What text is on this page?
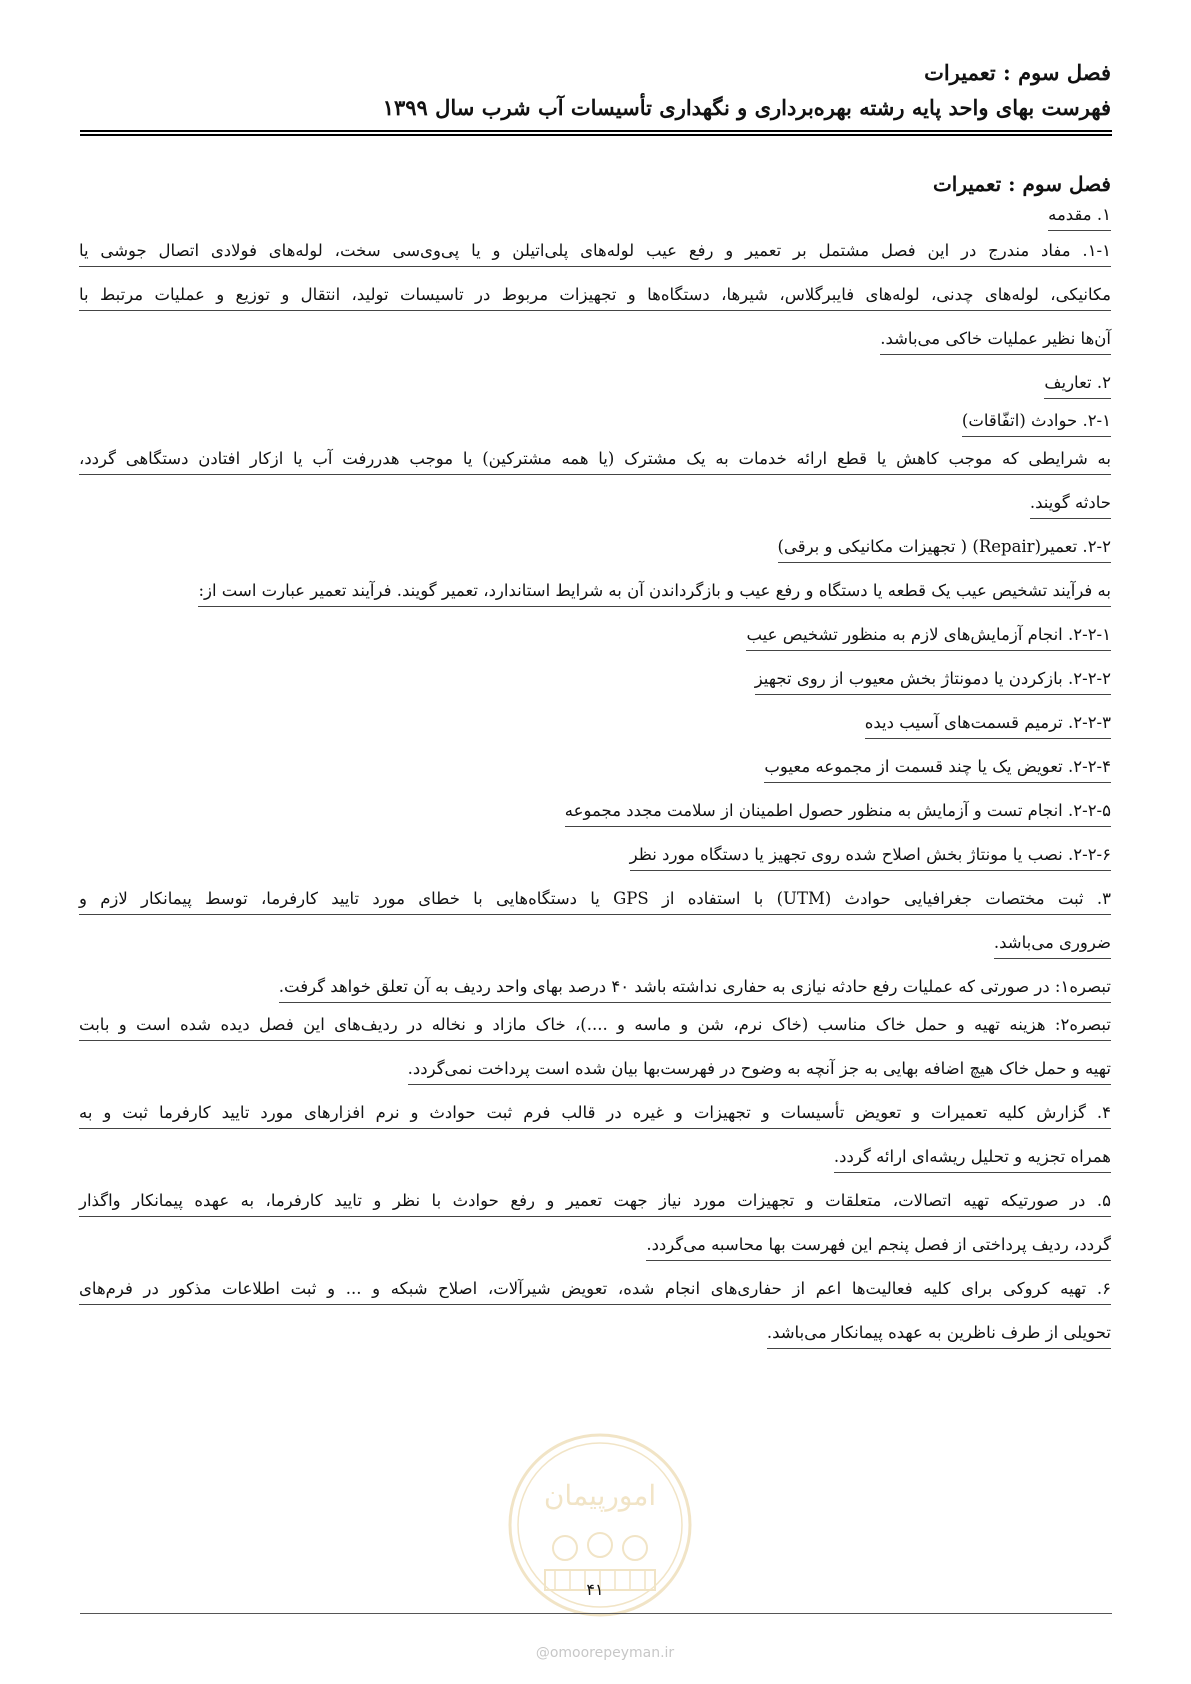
فصل سوم : تعمیرات
فهرست بهای واحد پایه رشته بهره‌برداری و نگهداری تأسیسات آب شرب سال ۱۳۹۹
فصل سوم : تعمیرات
۱. مقدمه
۱-۱. مفاد مندرج در این فصل مشتمل بر تعمیر و رفع عیب لوله‌های پلی‌اتیلن و یا پی‌وی‌سی سخت، لوله‌های فولادی اتصال جوشی یا
مکانیکی، لوله‌های چدنی، لوله‌های فایبرگلاس، شیرها، دستگاه‌ها و تجهیزات مربوط در تاسیسات تولید، انتقال و توزیع و عملیات مرتبط با
آن‌ها نظیر عملیات خاکی می‌باشد.
۲. تعاریف
۲-۱. حوادث (اتفّاقات)
به شرایطی که موجب کاهش یا قطع ارائه خدمات به یک مشترک (یا همه مشترکین) یا موجب هدررفت آب یا ازکار افتادن دستگاهی گردد،
حادثه گویند.
۲-۲. تعمیر(Repair) ( تجهیزات مکانیکی و برقی)
به فرآیند تشخیص عیب یک قطعه یا دستگاه و رفع عیب و بازگرداندن آن به شرایط استاندارد، تعمیر گویند. فرآیند تعمیر عبارت است از:
۲-۲-۱. انجام آزمایش‌های لازم به منظور تشخیص عیب
۲-۲-۲. بازکردن یا دمونتاژ بخش معیوب از روی تجهیز
۲-۲-۳. ترمیم قسمت‌های آسیب دیده
۲-۲-۴. تعویض یک یا چند قسمت از مجموعه معیوب
۲-۲-۵. انجام تست و آزمایش به منظور حصول اطمینان از سلامت مجدد مجموعه
۲-۲-۶. نصب یا مونتاژ بخش اصلاح شده روی تجهیز یا دستگاه مورد نظر
۳. ثبت مختصات جغرافیایی حوادث (UTM) با استفاده از GPS یا دستگاه‌هایی با خطای مورد تایید کارفرما، توسط پیمانکار لازم و
ضروری می‌باشد.
تبصره۱: در صورتی که عملیات رفع حادثه نیازی به حفاری نداشته باشد ۴۰ درصد بهای واحد ردیف به آن تعلق خواهد گرفت.
تبصره۲: هزینه تهیه و حمل خاک مناسب (خاک نرم، شن و ماسه و ....)، خاک مازاد و نخاله در ردیف‌های این فصل دیده شده است و بابت
تهیه و حمل خاک هیچ اضافه بهایی به جز آنچه به وضوح در فهرست‌بها بیان شده است پرداخت نمی‌گردد.
۴. گزارش کلیه تعمیرات و تعویض تأسیسات و تجهیزات و غیره در قالب فرم ثبت حوادث و نرم افزارهای مورد تایید کارفرما ثبت و به
همراه تجزیه و تحلیل ریشه‌ای ارائه گردد.
۵. در صورتیکه تهیه اتصالات، متعلقات و تجهیزات مورد نیاز جهت تعمیر و رفع حوادث با نظر و تایید کارفرما، به عهده پیمانکار واگذار
گردد، ردیف پرداختی از فصل پنجم این فهرست بها محاسبه می‌گردد.
۶. تهیه کروکی برای کلیه فعالیت‌ها اعم از حفاری‌های انجام شده، تعویض شیرآلات، اصلاح شبکه و ... و ثبت اطلاعات مذکور در فرم‌های
تحویلی از طرف ناظرین به عهده پیمانکار می‌باشد.
امورپیمان
۴۱
@omoorepeyman.ir
